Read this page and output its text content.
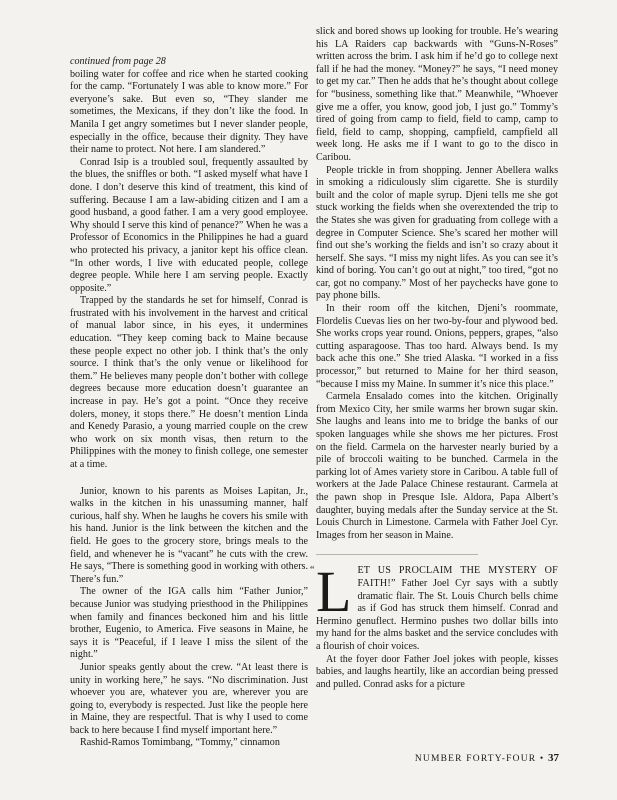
continued from page 28

boiling water for coffee and rice when he started cooking for the camp. “Fortunately I was able to know more.” For everyone’s sake. But even so, “They slander me sometimes, the Mexicans, if they don’t like the food. In Manila I get angry sometimes but I never slander people, especially in the office, because their dignity. They have their name to protect. Not here. I am slandered.”

Conrad Isip is a troubled soul, frequently assaulted by the blues, the sniffles or both. “I asked myself what have I done. I don’t deserve this kind of treatment, this kind of suffering. Because I am a law-abiding citizen and I am a good husband, a good father. I am a very good employee. Why should I serve this kind of penance?” When he was a Professor of Economics in the Philippines he had a guard who protected his privacy, a janitor kept his office clean. “In other words, I live with educated people, college degree people. While here I am serving people. Exactly opposite.”

Trapped by the standards he set for himself, Conrad is frustrated with his involvement in the harvest and critical of manual labor since, in his eyes, it undermines education. “They keep coming back to Maine because these people expect no other job. I think that’s the only source. I think that’s the only venue or likelihood for them.” He believes many people don’t bother with college degrees because more education doesn’t guarantee an increase in pay. He’s got a point. “Once they receive dolers, money, it stops there.” He doesn’t mention Linda and Kenedy Parasio, a young married couple on the crew who work on six month visas, then return to the Philippines with the money to finish college, one semester at a time.

Junior, known to his parents as Moises Lapitan, Jr., walks in the kitchen in his unassuming manner, half curious, half shy. When he laughs he covers his smile with his hand. Junior is the link between the kitchen and the field. He goes to the grocery store, brings meals to the field, and whenever he is “vacant” he cuts with the crew. He says, “There is something good in working with others. There’s fun.”

The owner of the IGA calls him “Father Junior,” because Junior was studying priesthood in the Philippines when family and finances beckoned him and his little brother, Eugenio, to America. Five seasons in Maine, he says it is “Peaceful, if I leave I miss the silent of the night.”

Junior speaks gently about the crew. “At least there is unity in working here,” he says. “No discrimination. Just whoever you are, whatever you are, wherever you are going to, everybody is respected. Just like the people here in Maine, they are respectful. That is why I used to come back to here because I find myself important here.”

Rashid-Ramos Tomimbang, “Tommy,” cinnamon

slick and bored shows up looking for trouble. He’s wearing his LA Raiders cap backwards with “Guns-N-Roses” written across the brim. I ask him if he’d go to college next fall if he had the money. “Money?” he says, “I need money to get my car.” Then he adds that he’s thought about college for “business, something like that.” Meanwhile, “Whoever give me a offer, you know, good job, I just go.” Tommy’s tired of going from camp to field, field to camp, camp to field, field to camp, shopping, campfield, campfield all week long. He asks me if I want to go to the disco in Caribou.

People trickle in from shopping. Jenner Abellera walks in smoking a ridiculously slim cigarette. She is sturdily built and the color of maple syrup. Djeni tells me she got stuck working the fields when she overextended the trip to the States she was given for graduating from college with a degree in Computer Science. She’s scared her mother will find out she’s working the fields and isn’t so crazy about it herself. She says. “I miss my night lifes. As you can see it’s kind of boring. You can’t go out at night,” too tired, “got no car, got no company.” Most of her paychecks have gone to pay phone bills.

In their room off the kitchen, Djeni’s roommate, Flordelis Cuevas lies on her two-by-four and plywood bed. She works crops year round. Onions, peppers, grapes, “also cutting asparagoose. Thas too hard. Always bend. Is my back ache this one.” She tried Alaska. “I worked in a fiss processor,” but returned to Maine for her third season, “because I miss my Maine. In summer it’s nice this place.”

Carmela Ensalado comes into the kitchen. Originally from Mexico City, her smile warms her brown sugar skin. She laughs and leans into me to bridge the banks of our spoken languages while she shows me her pictures. Frost on the field. Carmela on the harvester nearly buried by a pile of broccoli waiting to be bunched. Carmela in the parking lot of Ames variety store in Caribou. A table full of workers at the Jade Palace Chinese restaurant. Carmela at the pawn shop in Presque Isle. Aldora, Papa Albert’s daughter, buying medals after the Sunday service at the St. Louis Church in Limestone. Carmela with Father Joel Cyr. Images from her season in Maine.

“ L ET US PROCLAIM THE MYSTERY OF FAITH!” Father Joel Cyr says with a subtly dramatic flair. The St. Louis Church bells chime as if God has struck them himself. Conrad and Hermino genuflect. Hermino pushes two dollar bills into my hand for the alms basket and the service concludes with a flourish of choir voices.

At the foyer door Father Joel jokes with people, kisses babies, and laughs heartily, like an accordian being pressed and pulled. Conrad asks for a picture

NUMBER FORTY-FOUR • 37
